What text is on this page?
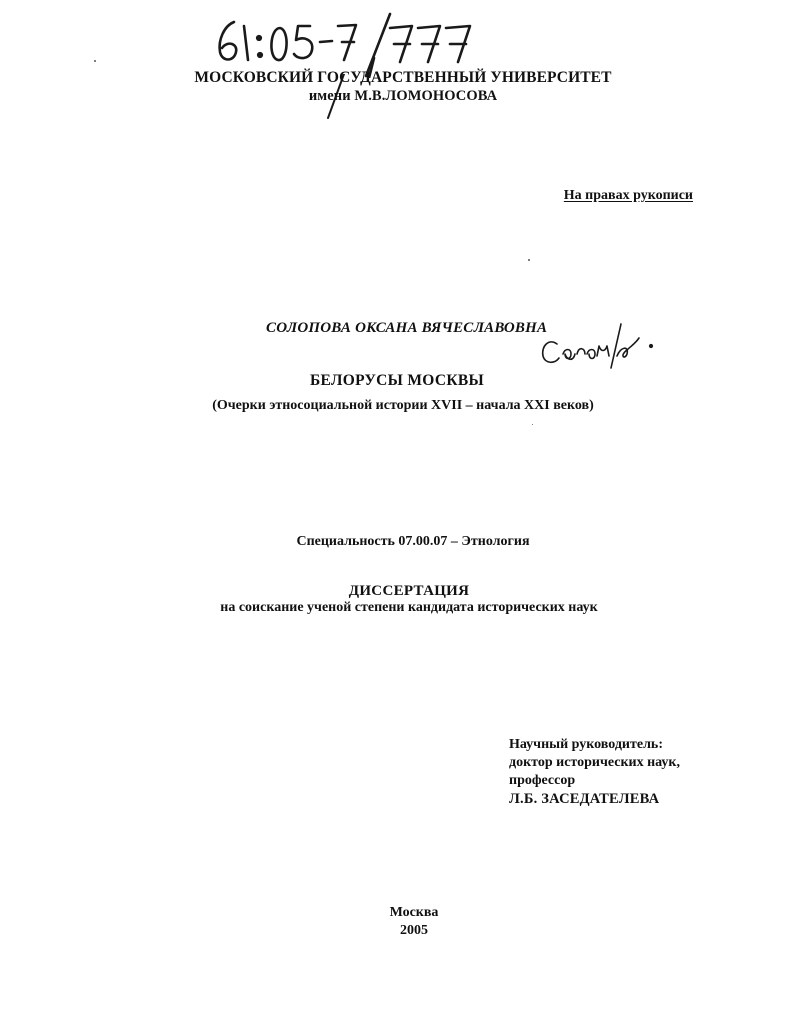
МОСКОВСКИЙ ГОСУДАРСТВЕННЫЙ УНИВЕРСИТЕТ
имени М.В.ЛОМОНОСОВА
На правах рукописи
СОЛОПОВА ОКСАНА ВЯЧЕСЛАВОВНА
БЕЛОРУСЫ МОСКВЫ
(Очерки этносоциальной истории XVII – начала XXI веков)
Специальность 07.00.07 – Этнология
ДИССЕРТАЦИЯ
на соискание ученой степени кандидата исторических наук
Научный руководитель:
доктор исторических наук,
профессор
Л.Б. ЗАСЕДАТЕЛЕВА
Москва
2005
